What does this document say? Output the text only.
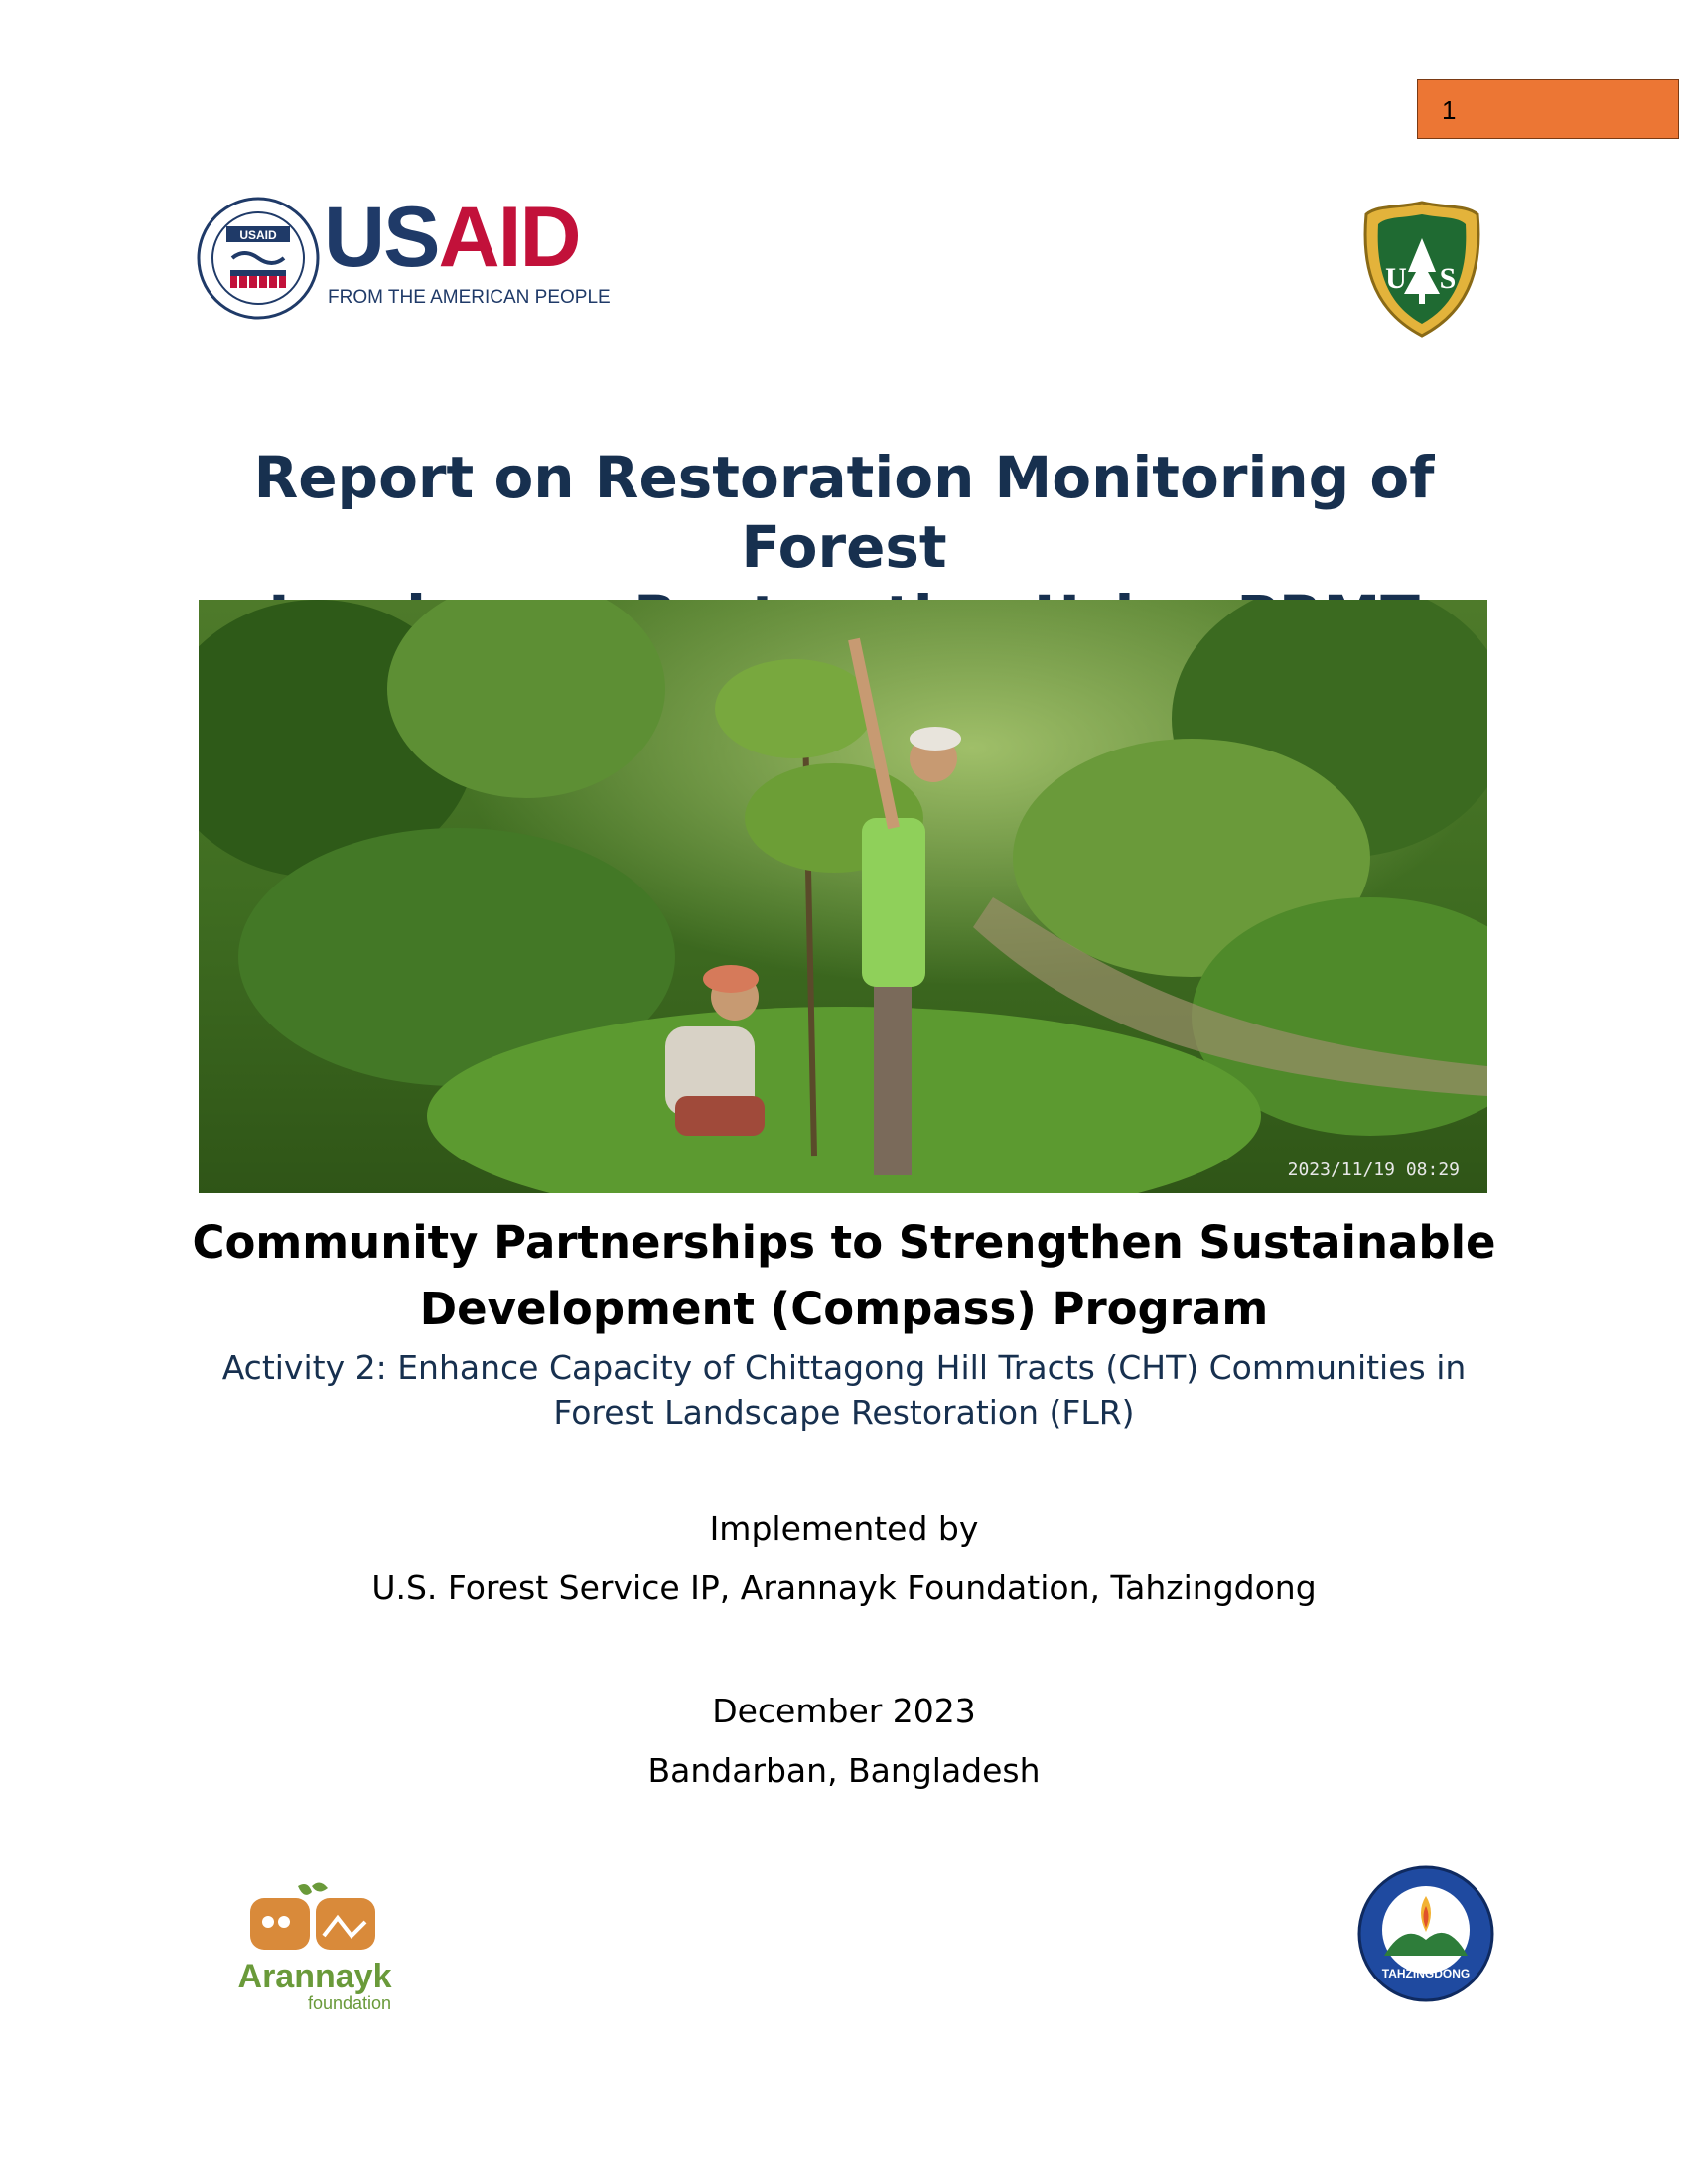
1
USAID USAID
FROM THE AMERICAN PEOPLE
U S
Report on Restoration Monitoring of Forest
2023/11/19 08:29
Community Partnerships to Strengthen Sustainable
Development (Compass) Program
Activity 2: Enhance Capacity of Chittagong Hill Tracts (CHT) Communities in
Forest Landscape Restoration (FLR)
Implemented by
U.S. Forest Service IP, Arannayk Foundation, Tahzingdong
December 2023
Bandarban, Bangladesh
Arannayk
foundation
TAHZINGDONG
